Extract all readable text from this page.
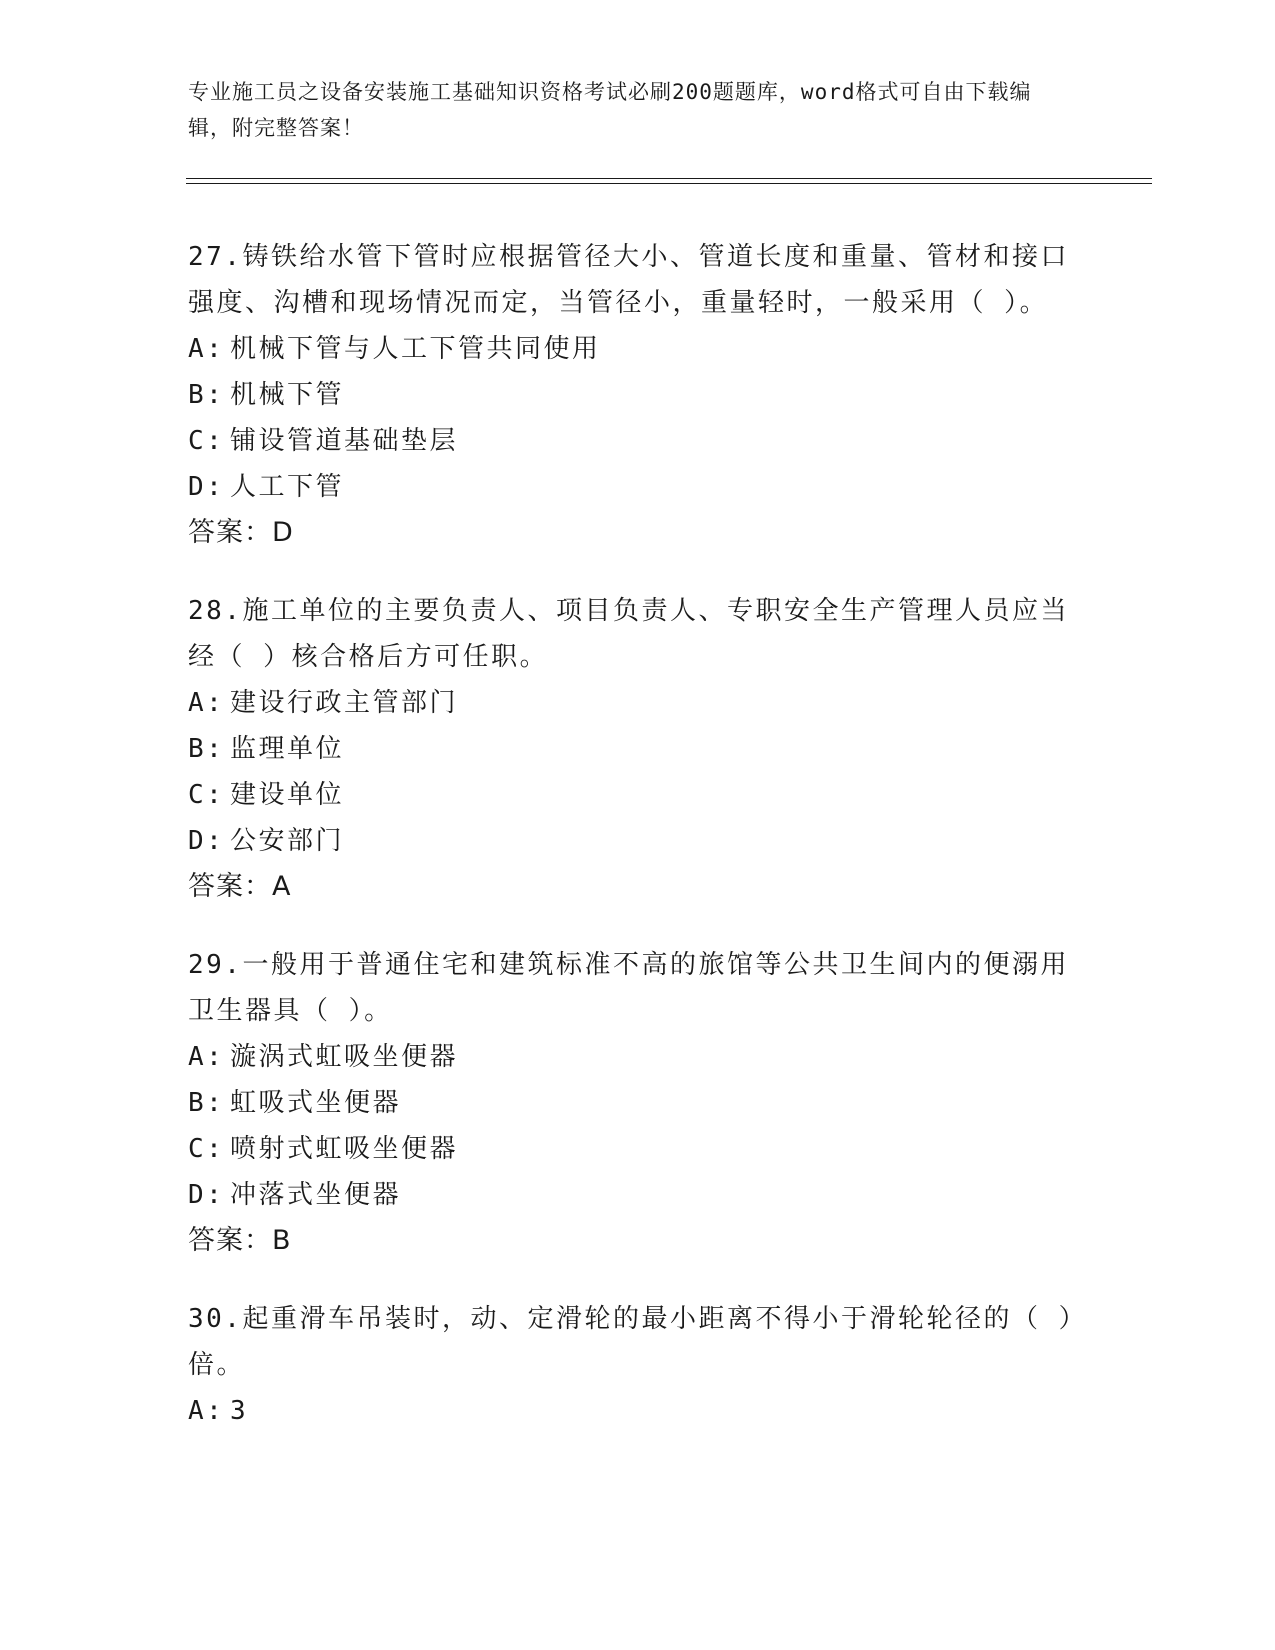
专业施工员之设备安装施工基础知识资格考试必刷200题题库，word格式可自由下载编辑，附完整答案！

27.铸铁给水管下管时应根据管径大小、管道长度和重量、管材和接口强度、沟槽和现场情况而定，当管径小，重量轻时，一般采用（ ）。

A: 机械下管与人工下管共同使用
B: 机械下管
C: 铺设管道基础垫层
D: 人工下管
答案：D

28.施工单位的主要负责人、项目负责人、专职安全生产管理人员应当经（ ）核合格后方可任职。

A: 建设行政主管部门
B: 监理单位
C: 建设单位
D: 公安部门
答案：A

29.一般用于普通住宅和建筑标准不高的旅馆等公共卫生间内的便溺用卫生器具（ ）。

A: 漩涡式虹吸坐便器
B: 虹吸式坐便器
C: 喷射式虹吸坐便器
D: 冲落式坐便器
答案：B

30.起重滑车吊装时，动、定滑轮的最小距离不得小于滑轮轮径的（ ）倍。

A: 3
